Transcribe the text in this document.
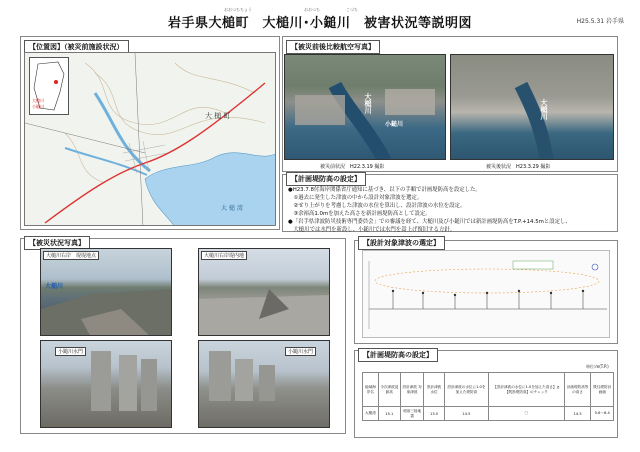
岩手県大槌町　大槌川･小鎚川　被害状況等説明図
おおつちちょう	おおつち	こづち
H25.5.31 岩手県
【位置図】（被災前施設状況）
大槌川
小鎚川
大 槌 町
大 槌 湾
【被災前後比較航空写真】
大槌川
小鎚川
被災前状況　H22.3.19 撮影
大槌川
被災後状況　H23.3.29 撮影
【計画堤防高の設定】
●H23.7.8付海岸関係省庁通知に基づき、以下の手順で計画堤防高を設定した。
　①過去に発生した津波の中から設計対象津波を選定。
　②せり上がりを考慮した津波の水位を算出し、設計津波の水位を設定。
　③余裕高1.0mを加えた高さを新計画堤防高として設定。
●「岩手県津波防災技術専門委員会」での審議を経て、大槌川及び小鎚川では新計画堤防高をT.P.+14.5mと設定し、
　大槌川では水門を新設し、小鎚川では水門を嵩上げ復旧する方針。
【被災状況写真】
大槌川右岸　堤堤地点
大槌川
大槌川右岸堤内地
小鎚川水門	小鎚川水門
【設計対象津波の選定】
【計画堤防高の設定】
単位:m(T.P.)
地域海岸名	今次津波浸跡高	設計津波 対象津波	設計津波 水位	設計津波の水位に1.0を加えた堤防高	【設計津波の水位に1.0を加えた高さ】≧【既設堤防高】のチェック	計画堤防高等の高さ	既往堤防計画値
大槌湾	15.1	明治三陸地震	13.5	14.5	〇	14.5	5.6〜6.4
